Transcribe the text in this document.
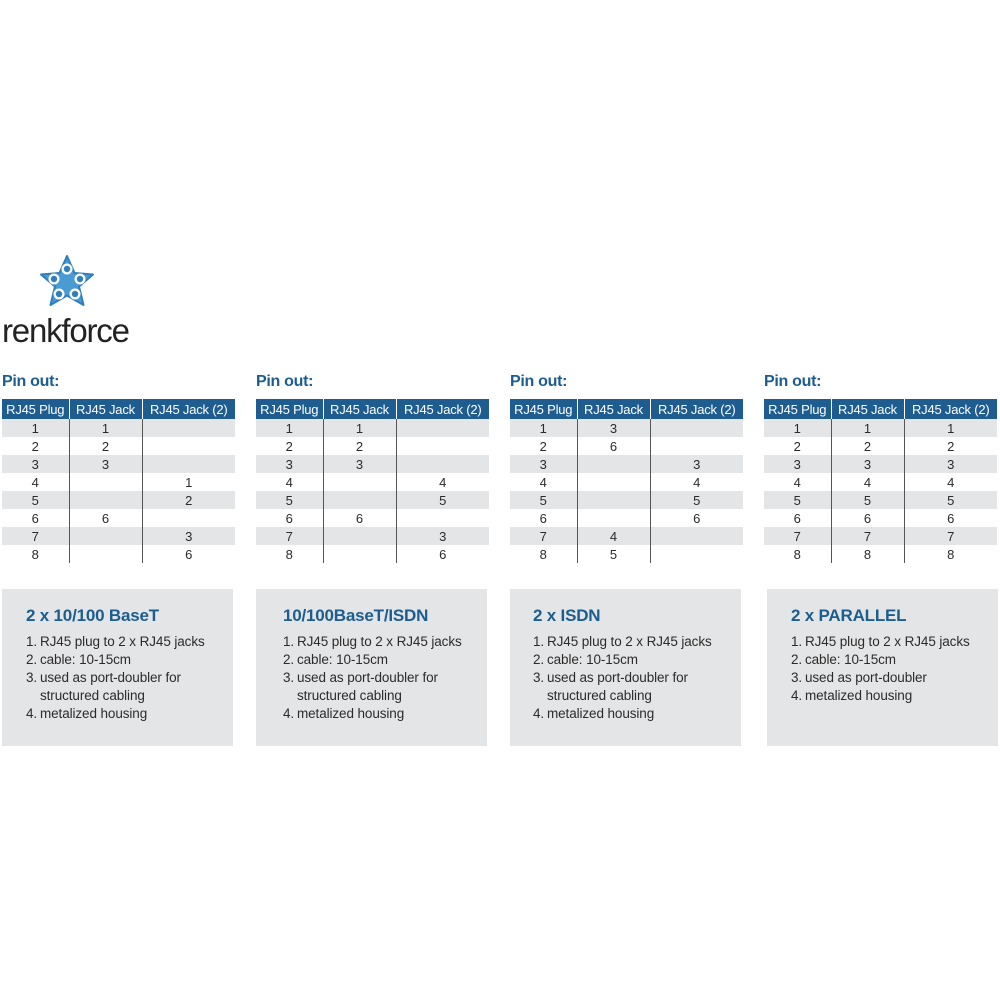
renkforce
Pin out:
RJ45 Plug	RJ45 Jack	RJ45 Jack (2)
1	1	
2	2	
3	3	
4		1
5		2
6	6	
7		3
8		6
Pin out:
RJ45 Plug	RJ45 Jack	RJ45 Jack (2)
1	1	
2	2	
3	3	
4		4
5		5
6	6	
7		3
8		6
Pin out:
RJ45 Plug	RJ45 Jack	RJ45 Jack (2)
1	3	
2	6	
3		3
4		4
5		5
6		6
7	4	
8	5	
Pin out:
RJ45 Plug	RJ45 Jack	RJ45 Jack (2)
1	1	1
2	2	2
3	3	3
4	4	4
5	5	5
6	6	6
7	7	7
8	8	8
2 x 10/100 BaseT
1. RJ45 plug to 2 x RJ45 jacks
2. cable: 10-15cm
3. used as port-doubler for structured cabling
4. metalized housing
10/100BaseT/ISDN
1. RJ45 plug to 2 x RJ45 jacks
2. cable: 10-15cm
3. used as port-doubler for structured cabling
4. metalized housing
2 x ISDN
1. RJ45 plug to 2 x RJ45 jacks
2. cable: 10-15cm
3. used as port-doubler for structured cabling
4. metalized housing
2 x PARALLEL
1. RJ45 plug to 2 x RJ45 jacks
2. cable: 10-15cm
3. used as port-doubler
4. metalized housing
